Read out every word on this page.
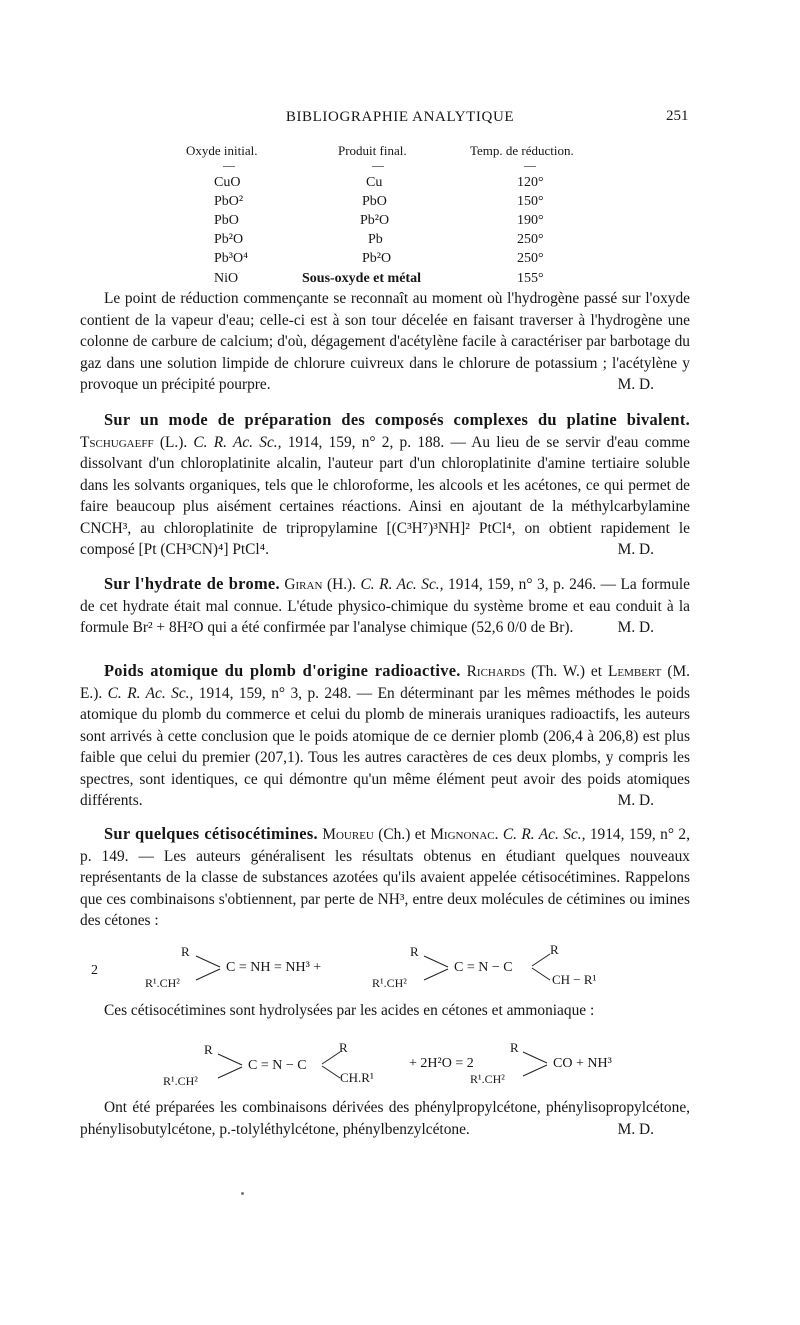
BIBLIOGRAPHIE ANALYTIQUE	251
Oxyde initial.	Produit final.	Temp. de réduction.
—	—	—
CuO	Cu	120°
PbO²	PbO	150°
PbO	Pb²O	190°
Pb²O	Pb	250°
Pb³O⁴	Pb²O	250°
NiO	Sous-oxyde et métal	155°

Le point de réduction commençante se reconnaît au moment où l'hydrogène passé sur l'oxyde contient de la vapeur d'eau; celle-ci est à son tour décelée en faisant traverser à l'hydrogène une colonne de carbure de calcium; d'où, dégagement d'acétylène facile à caractériser par barbotage du gaz dans une solution limpide de chlorure cuivreux dans le chlorure de potassium ; l'acétylène y provoque un précipité pourpre.	M. D.

Sur un mode de préparation des composés complexes du platine bivalent. Tschugaeff (L.). C. R. Ac. Sc., 1914, 159, n° 2, p. 188. — Au lieu de se servir d'eau comme dissolvant d'un chloroplatinite alcalin, l'auteur part d'un chloroplatinite d'amine tertiaire soluble dans les solvants organiques, tels que le chloroforme, les alcools et les acétones, ce qui permet de faire beaucoup plus aisément certaines réactions. Ainsi en ajoutant de la méthylcarbylamine CNCH³, au chloroplatinite de tripropylamine [(C³H⁷)³NH]² PtCl⁴, on obtient rapidement le composé [Pt (CH³CN)⁴] PtCl⁴.	M. D.

Sur l'hydrate de brome. Giran (H.). C. R. Ac. Sc., 1914, 159, n° 3, p. 246. — La formule de cet hydrate était mal connue. L'étude physico-chimique du système brome et eau conduit à la formule Br² + 8H²O qui a été confirmée par l'analyse chimique (52,6 0/0 de Br).	M. D.

Poids atomique du plomb d'origine radioactive. Richards (Th. W.) et Lembert (M. E.). C. R. Ac. Sc., 1914, 159, n° 3, p. 248. — En déterminant par les mêmes méthodes le poids atomique du plomb du commerce et celui du plomb de minerais uraniques radioactifs, les auteurs sont arrivés à cette conclusion que le poids atomique de ce dernier plomb (206,4 à 206,8) est plus faible que celui du premier (207,1). Tous les autres caractères de ces deux plombs, y compris les spectres, sont identiques, ce qui démontre qu'un même élément peut avoir des poids atomiques différents.	M. D.

Sur quelques cétisocétimines. Moureu (Ch.) et Mignonac. C. R. Ac. Sc., 1914, 159, n° 2, p. 149. — Les auteurs généralisent les résultats obtenus en étudiant quelques nouveaux représentants de la classe de substances azotées qu'ils avaient appelée cétisocétimines. Rappelons que ces combinaisons s'obtiennent, par perte de NH³, entre deux molécules de cétimines ou imines des cétones :

2
R
R¹.CH²
C = NH = NH³ +
R
R¹.CH²
C = N − C
R
CH − R¹

Ces cétisocétimines sont hydrolysées par les acides en cétones et ammoniaque :

R
R¹.CH²
C = N − C
R
CH.R¹
+ 2H²O = 2
R
R¹.CH²
CO + NH³

Ont été préparées les combinaisons dérivées des phénylpropylcétone, phénylisopropylcétone, phénylisobutylcétone, p.-tolyléthylcétone, phénylbenzylcétone.	M. D.
